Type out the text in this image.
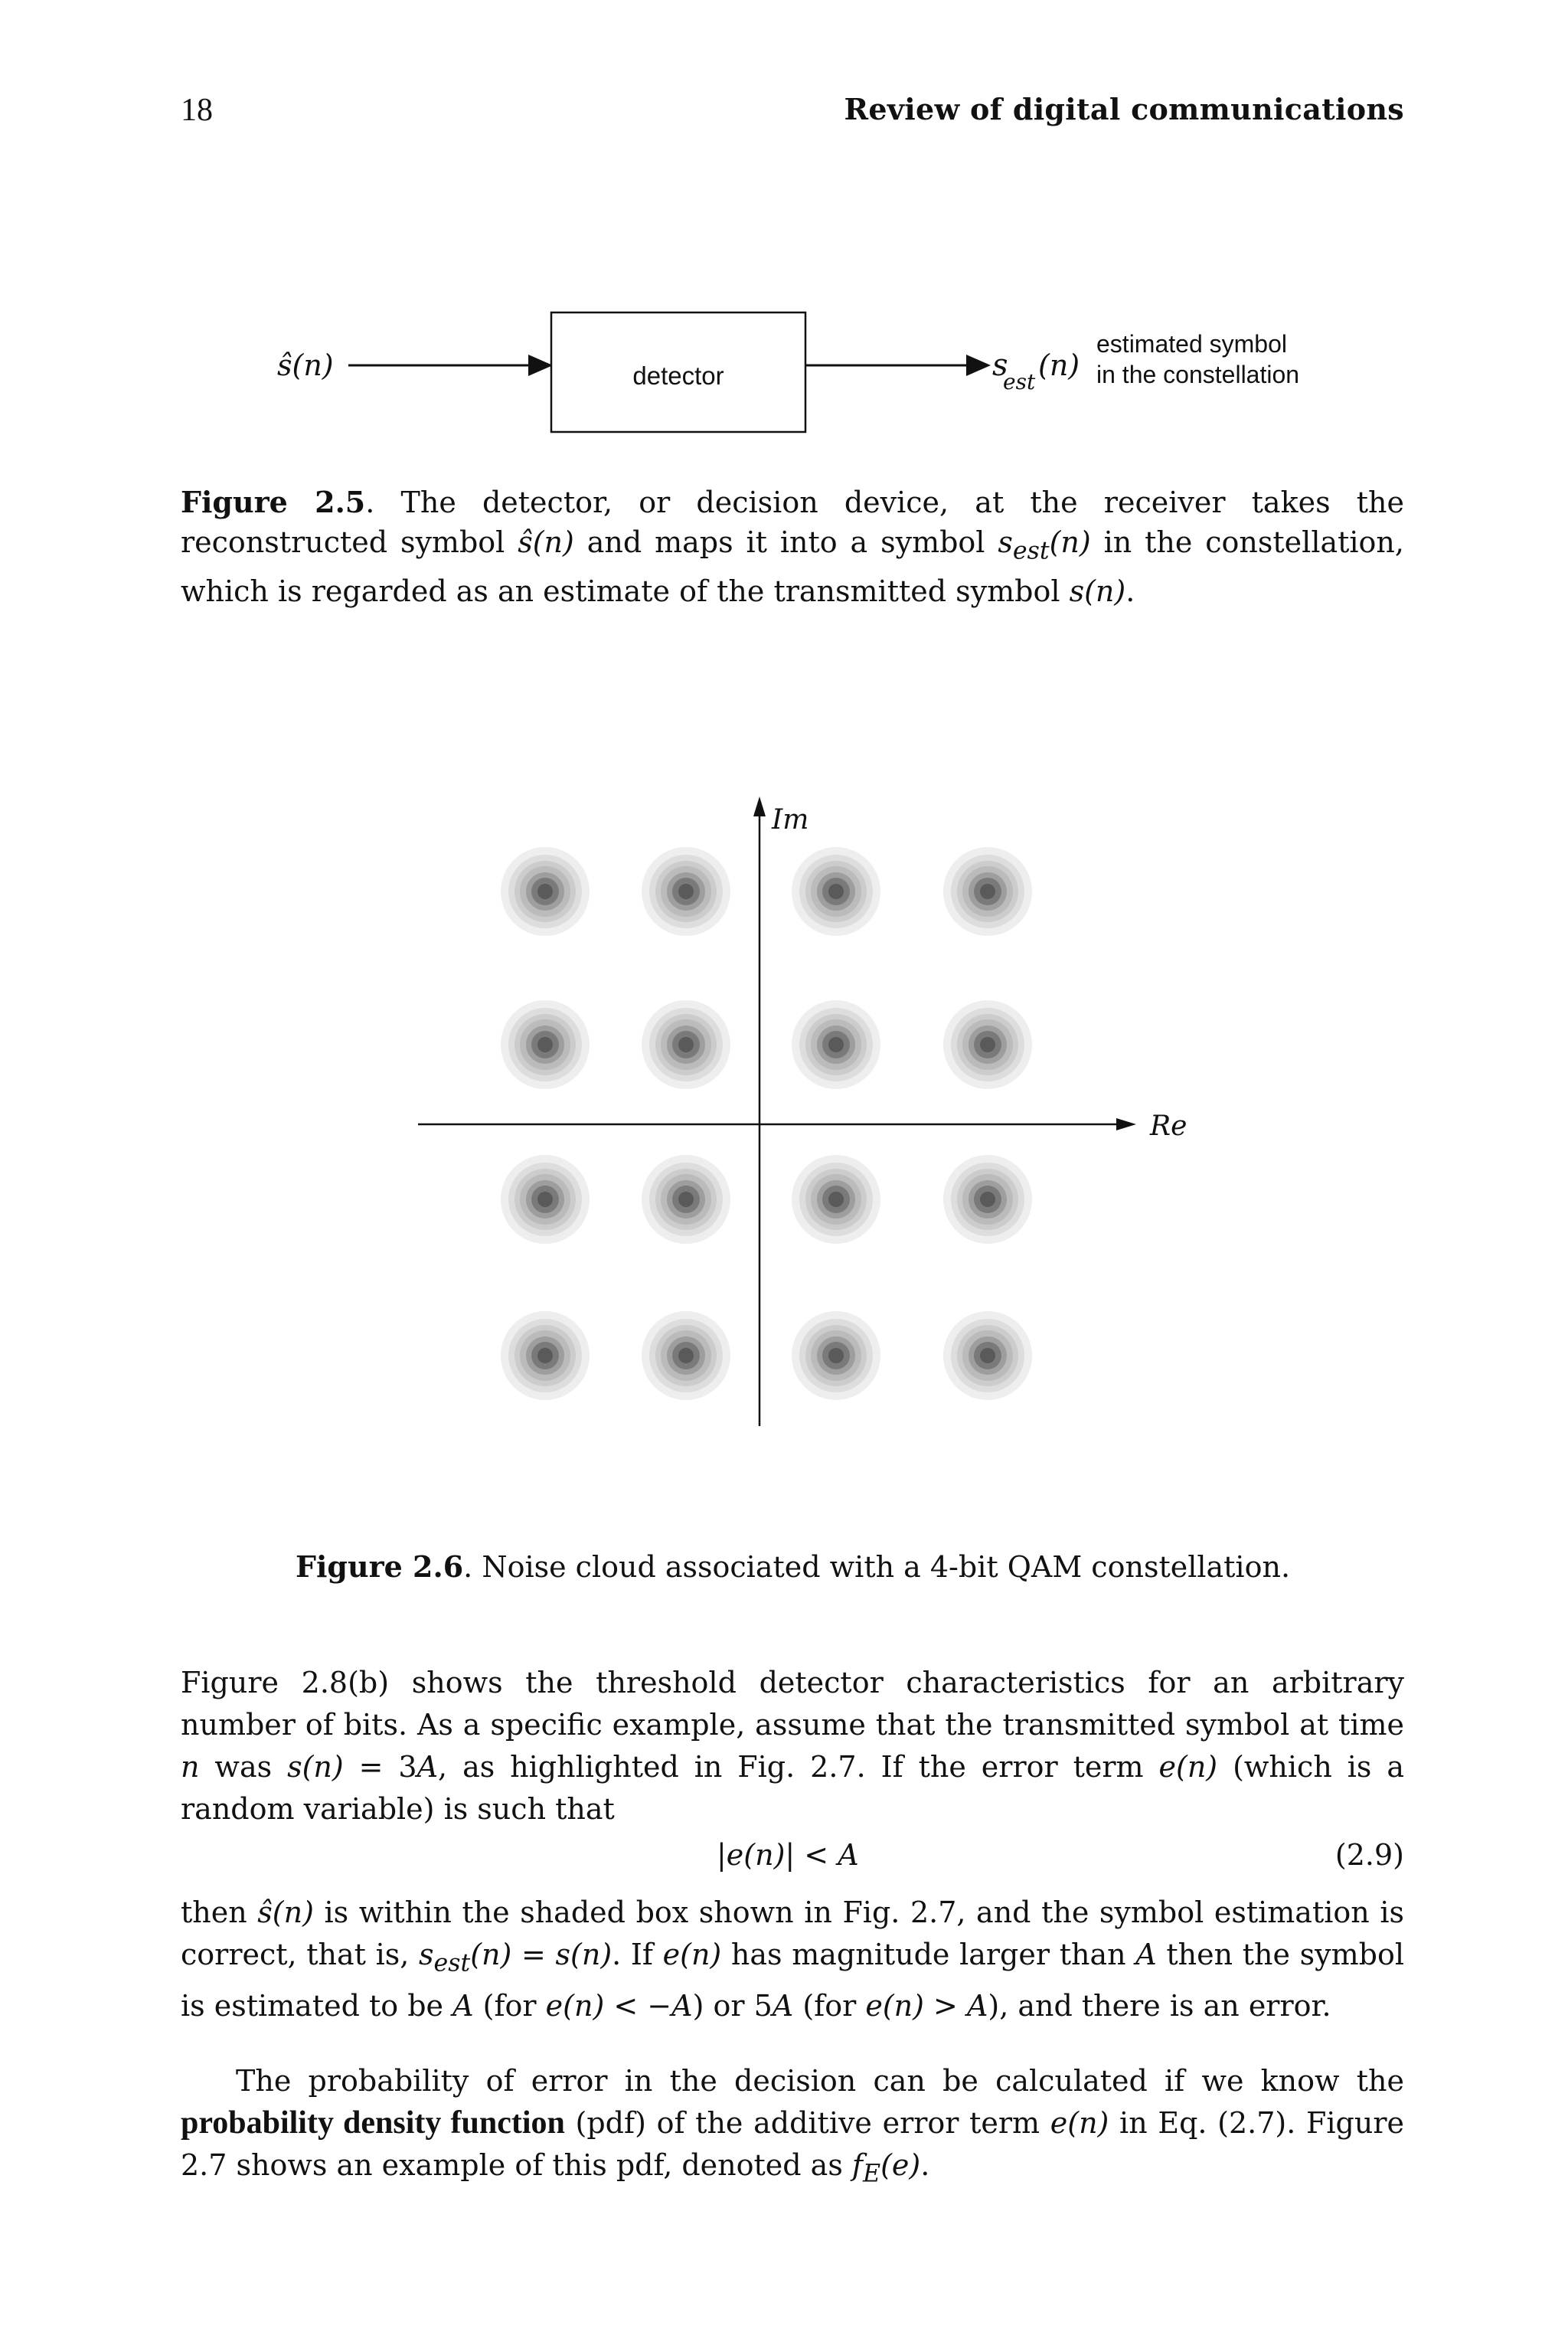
18	Review of digital communications
ŝ(n)	detector	s est (n)
estimated symbol
in the constellation

Figure 2.5. The detector, or decision device, at the receiver takes the reconstructed symbol ŝ(n) and maps it into a symbol $s_{est}(n)$ in the constellation, which is regarded as an estimate of the transmitted symbol s(n).

Im
Re

Figure 2.6. Noise cloud associated with a 4-bit QAM constellation.

Figure 2.8(b) shows the threshold detector characteristics for an arbitrary number of bits. As a specific example, assume that the transmitted symbol at time n was s(n) = 3A, as highlighted in Fig. 2.7. If the error term e(n) (which is a random variable) is such that

|e(n)| < A	(2.9)

then ŝ(n) is within the shaded box shown in Fig. 2.7, and the symbol estimation is correct, that is, $s_{est}(n) = s(n)$. If e(n) has magnitude larger than A then the symbol is estimated to be A (for e(n) < −A) or 5A (for e(n) > A), and there is an error.

The probability of error in the decision can be calculated if we know the probability density function (pdf) of the additive error term e(n) in Eq. (2.7). Figure 2.7 shows an example of this pdf, denoted as $f_E(e)$.
